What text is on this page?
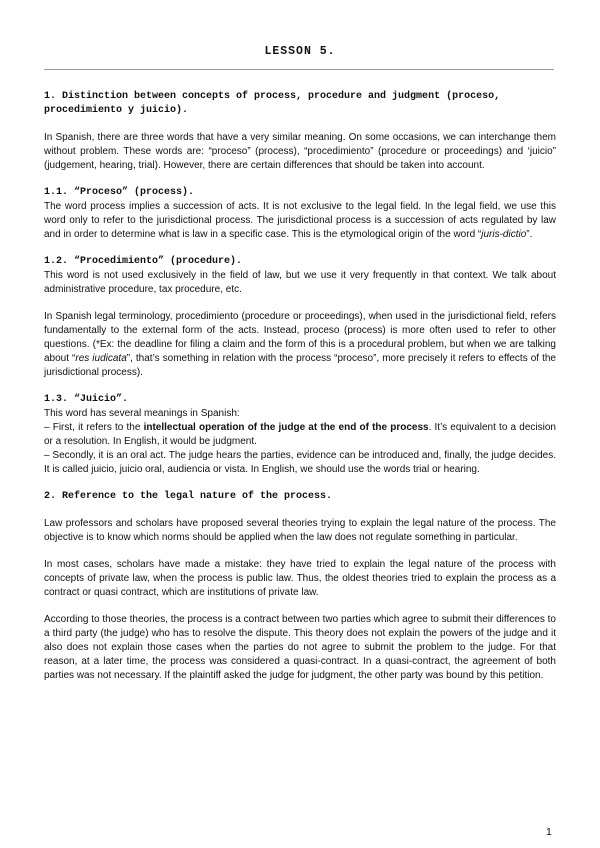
LESSON 5.

1. Distinction between concepts of process, procedure and judgment (proceso, procedimiento y juicio).

In Spanish, there are three words that have a very similar meaning. On some occasions, we can interchange them without problem. These words are: “proceso” (process), “procedimiento” (procedure or proceedings) and ‘juicio” (judgement, hearing, trial). However, there are certain differences that should be taken into account.

1.1. “Proceso” (process).

The word process implies a succession of acts. It is not exclusive to the legal field. In the legal field, we use this word only to refer to the jurisdictional process. The jurisdictional process is a succession of acts regulated by law and in order to determine what is law in a specific case. This is the etymological origin of the word “juris-dictio”.

1.2. “Procedimiento” (procedure).

This word is not used exclusively in the field of law, but we use it very frequently in that context. We talk about administrative procedure, tax procedure, etc.

In Spanish legal terminology, procedimiento (procedure or proceedings), when used in the jurisdictional field, refers fundamentally to the external form of the acts. Instead, proceso (process) is more often used to refer to other questions. (*Ex: the deadline for filing a claim and the form of this is a procedural problem, but when we are talking about “res iudicata”, that’s something in relation with the process “proceso”, more precisely it refers to effects of the jurisdictional process).

1.3. “Juicio”.

This word has several meanings in Spanish:

– First, it refers to the intellectual operation of the judge at the end of the process. It’s equivalent to a decision or a resolution. In English, it would be judgment.

– Secondly, it is an oral act. The judge hears the parties, evidence can be introduced and, finally, the judge decides. It is called juicio, juicio oral, audiencia or vista. In English, we should use the words trial or hearing.

2. Reference to the legal nature of the process.

Law professors and scholars have proposed several theories trying to explain the legal nature of the process. The objective is to know which norms should be applied when the law does not regulate something in particular.

In most cases, scholars have made a mistake: they have tried to explain the legal nature of the process with concepts of private law, when the process is public law. Thus, the oldest theories tried to explain the process as a contract or quasi contract, which are institutions of private law.

According to those theories, the process is a contract between two parties which agree to submit their differences to a third party (the judge) who has to resolve the dispute. This theory does not explain the powers of the judge and it also does not explain those cases when the parties do not agree to submit the problem to the judge. For that reason, at a later time, the process was considered a quasi-contract. In a quasi-contract, the agreement of both parties was not necessary. If the plaintiff asked the judge for judgment, the other party was bound by this petition.

1
